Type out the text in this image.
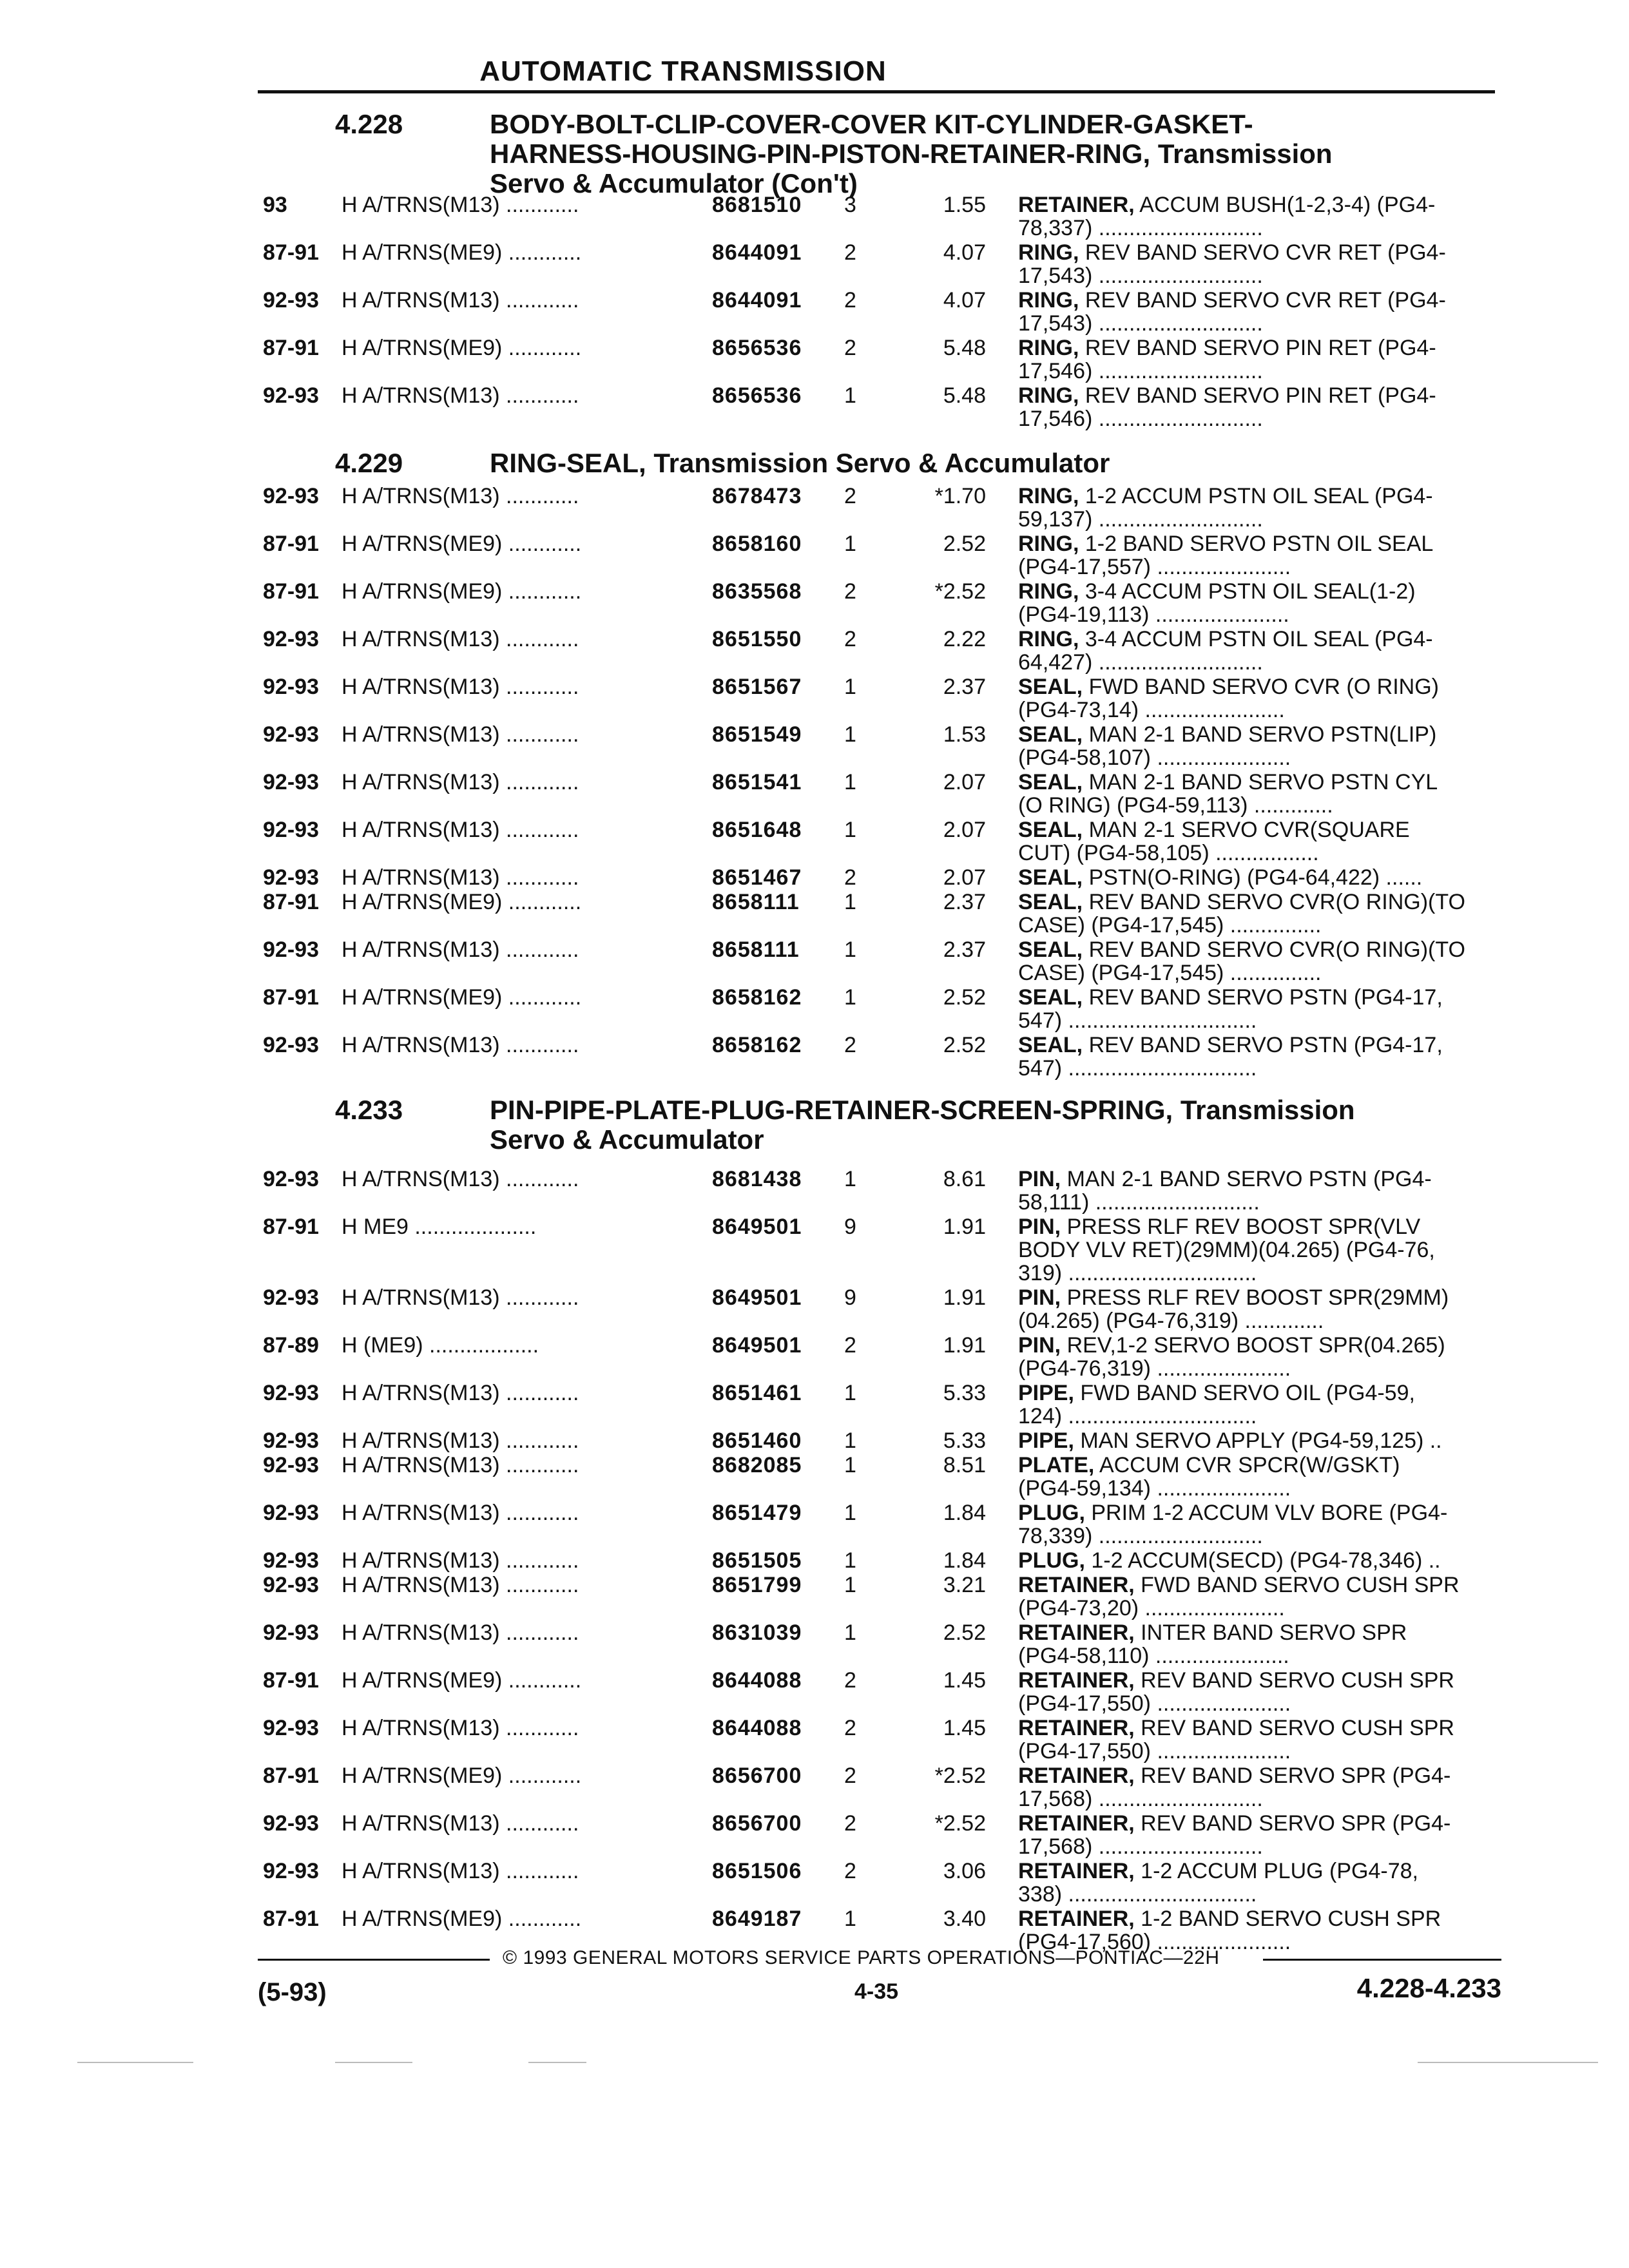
AUTOMATIC TRANSMISSION
4.228	BODY-BOLT-CLIP-COVER-COVER KIT-CYLINDER-GASKET-
HARNESS-HOUSING-PIN-PISTON-RETAINER-RING, Transmission
Servo & Accumulator (Con't)
93 H A/TRNS(M13) ............	8681510 3	1.55 RETAINER, ACCUM BUSH(1-2,3-4) (PG4-
78,337) ...........................
87-91 H A/TRNS(ME9) ............	8644091 2	4.07 RING, REV BAND SERVO CVR RET (PG4-
17,543) ...........................
92-93 H A/TRNS(M13) ............	8644091 2	4.07 RING, REV BAND SERVO CVR RET (PG4-
17,543) ...........................
87-91 H A/TRNS(ME9) ............	8656536 2	5.48 RING, REV BAND SERVO PIN RET (PG4-
17,546) ...........................
92-93 H A/TRNS(M13) ............	8656536 1	5.48 RING, REV BAND SERVO PIN RET (PG4-
17,546) ...........................
4.229	RING-SEAL, Transmission Servo & Accumulator
92-93 H A/TRNS(M13) ............	8678473 2	*1.70 RING, 1-2 ACCUM PSTN OIL SEAL (PG4-
59,137) ...........................
87-91 H A/TRNS(ME9) ............	8658160 1	2.52 RING, 1-2 BAND SERVO PSTN OIL SEAL
(PG4-17,557) ......................
87-91 H A/TRNS(ME9) ............	8635568 2	*2.52 RING, 3-4 ACCUM PSTN OIL SEAL(1-2)
(PG4-19,113) ......................
92-93 H A/TRNS(M13) ............	8651550 2	2.22 RING, 3-4 ACCUM PSTN OIL SEAL (PG4-
64,427) ...........................
92-93 H A/TRNS(M13) ............	8651567 1	2.37 SEAL, FWD BAND SERVO CVR (O RING)
(PG4-73,14) .......................
92-93 H A/TRNS(M13) ............	8651549 1	1.53 SEAL, MAN 2-1 BAND SERVO PSTN(LIP)
(PG4-58,107) ......................
92-93 H A/TRNS(M13) ............	8651541 1	2.07 SEAL, MAN 2-1 BAND SERVO PSTN CYL
(O RING) (PG4-59,113) .............
92-93 H A/TRNS(M13) ............	8651648 1	2.07 SEAL, MAN 2-1 SERVO CVR(SQUARE
CUT) (PG4-58,105) .................
92-93 H A/TRNS(M13) ............	8651467 2	2.07 SEAL, PSTN(O-RING) (PG4-64,422) ......
87-91 H A/TRNS(ME9) ............	8658111 1	2.37 SEAL, REV BAND SERVO CVR(O RING)(TO
CASE) (PG4-17,545) ...............
92-93 H A/TRNS(M13) ............	8658111 1	2.37 SEAL, REV BAND SERVO CVR(O RING)(TO
CASE) (PG4-17,545) ...............
87-91 H A/TRNS(ME9) ............	8658162 1	2.52 SEAL, REV BAND SERVO PSTN (PG4-17,
547) ...............................
92-93 H A/TRNS(M13) ............	8658162 2	2.52 SEAL, REV BAND SERVO PSTN (PG4-17,
547) ...............................
4.233	PIN-PIPE-PLATE-PLUG-RETAINER-SCREEN-SPRING, Transmission
Servo & Accumulator
92-93 H A/TRNS(M13) ............	8681438 1	8.61 PIN, MAN 2-1 BAND SERVO PSTN (PG4-
58,111) ...........................
87-91 H ME9 ....................	8649501 9	1.91 PIN, PRESS RLF REV BOOST SPR(VLV
BODY VLV RET)(29MM)(04.265) (PG4-76,
319) ...............................
92-93 H A/TRNS(M13) ............	8649501 9	1.91 PIN, PRESS RLF REV BOOST SPR(29MM)
(04.265) (PG4-76,319) .............
87-89 H (ME9) ..................	8649501 2	1.91 PIN, REV,1-2 SERVO BOOST SPR(04.265)
(PG4-76,319) ......................
92-93 H A/TRNS(M13) ............	8651461 1	5.33 PIPE, FWD BAND SERVO OIL (PG4-59,
124) ...............................
92-93 H A/TRNS(M13) ............	8651460 1	5.33 PIPE, MAN SERVO APPLY (PG4-59,125) ..
92-93 H A/TRNS(M13) ............	8682085 1	8.51 PLATE, ACCUM CVR SPCR(W/GSKT)
(PG4-59,134) ......................
92-93 H A/TRNS(M13) ............	8651479 1	1.84 PLUG, PRIM 1-2 ACCUM VLV BORE (PG4-
78,339) ...........................
92-93 H A/TRNS(M13) ............	8651505 1	1.84 PLUG, 1-2 ACCUM(SECD) (PG4-78,346) ..
92-93 H A/TRNS(M13) ............	8651799 1	3.21 RETAINER, FWD BAND SERVO CUSH SPR
(PG4-73,20) .......................
92-93 H A/TRNS(M13) ............	8631039 1	2.52 RETAINER, INTER BAND SERVO SPR
(PG4-58,110) ......................
87-91 H A/TRNS(ME9) ............	8644088 2	1.45 RETAINER, REV BAND SERVO CUSH SPR
(PG4-17,550) ......................
92-93 H A/TRNS(M13) ............	8644088 2	1.45 RETAINER, REV BAND SERVO CUSH SPR
(PG4-17,550) ......................
87-91 H A/TRNS(ME9) ............	8656700 2	*2.52 RETAINER, REV BAND SERVO SPR (PG4-
17,568) ...........................
92-93 H A/TRNS(M13) ............	8656700 2	*2.52 RETAINER, REV BAND SERVO SPR (PG4-
17,568) ...........................
92-93 H A/TRNS(M13) ............	8651506 2	3.06 RETAINER, 1-2 ACCUM PLUG (PG4-78,
338) ...............................
87-91 H A/TRNS(ME9) ............	8649187 1	3.40 RETAINER, 1-2 BAND SERVO CUSH SPR
(PG4-17,560) ......................
© 1993 GENERAL MOTORS SERVICE PARTS OPERATIONS—PONTIAC—22H
(5-93)	4-35	4.228-4.233
